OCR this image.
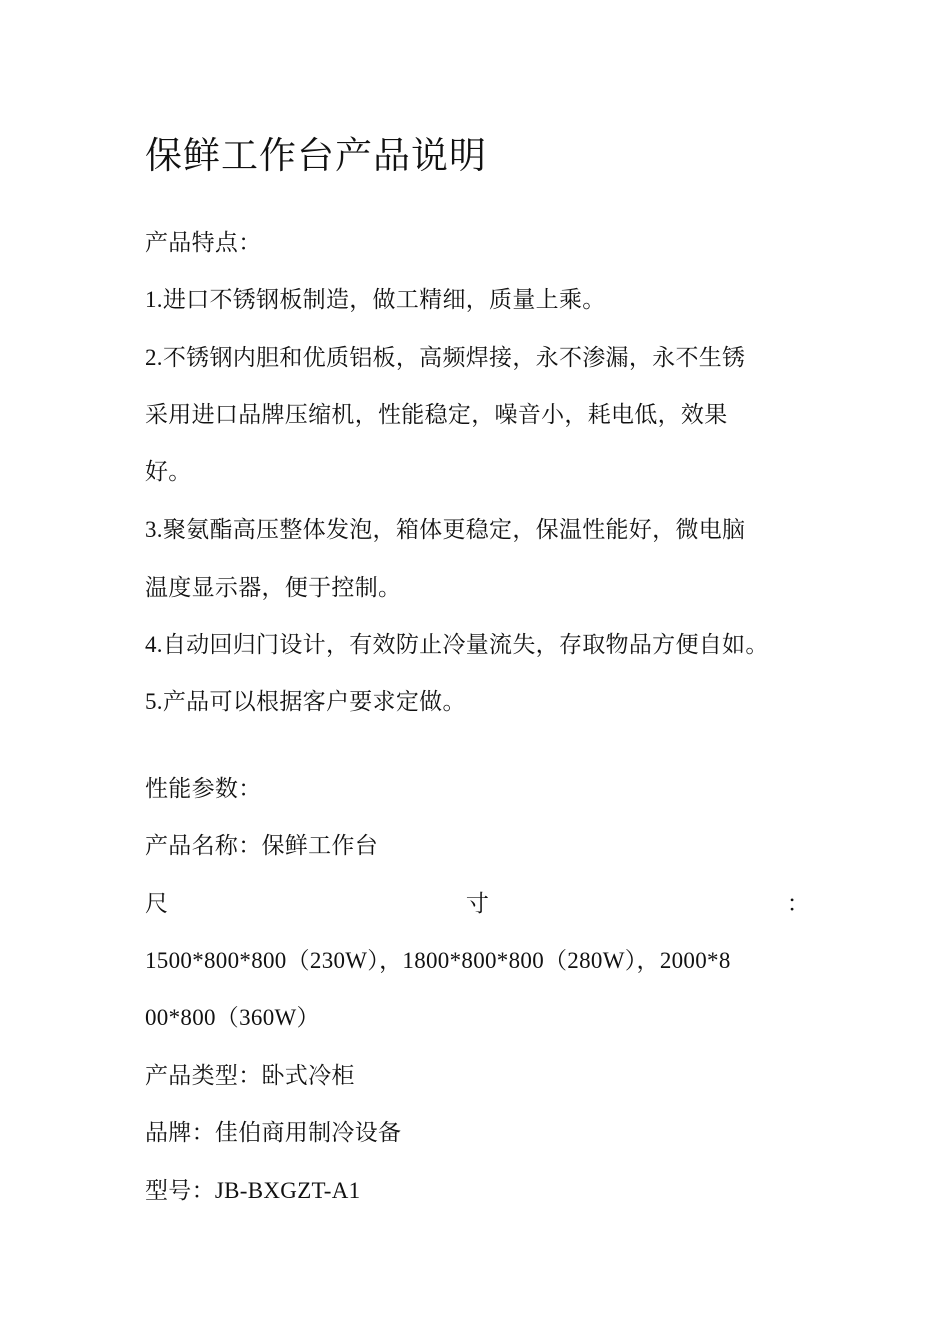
保鲜工作台产品说明
产品特点：
1.进口不锈钢板制造，做工精细，质量上乘。
2.不锈钢内胆和优质铝板，高频焊接，永不渗漏，永不生锈
采用进口品牌压缩机，性能稳定，噪音小，耗电低，效果
好。
3.聚氨酯高压整体发泡，箱体更稳定，保温性能好，微电脑
温度显示器，便于控制。
4.自动回归门设计，有效防止冷量流失，存取物品方便自如。
5.产品可以根据客户要求定做。
性能参数：
产品名称：保鲜工作台
尺	寸	：
1500*800*800（230W），1800*800*800（280W），2000*8
00*800（360W）
产品类型：卧式冷柜
品牌：佳伯商用制冷设备
型号：JB-BXGZT-A1
